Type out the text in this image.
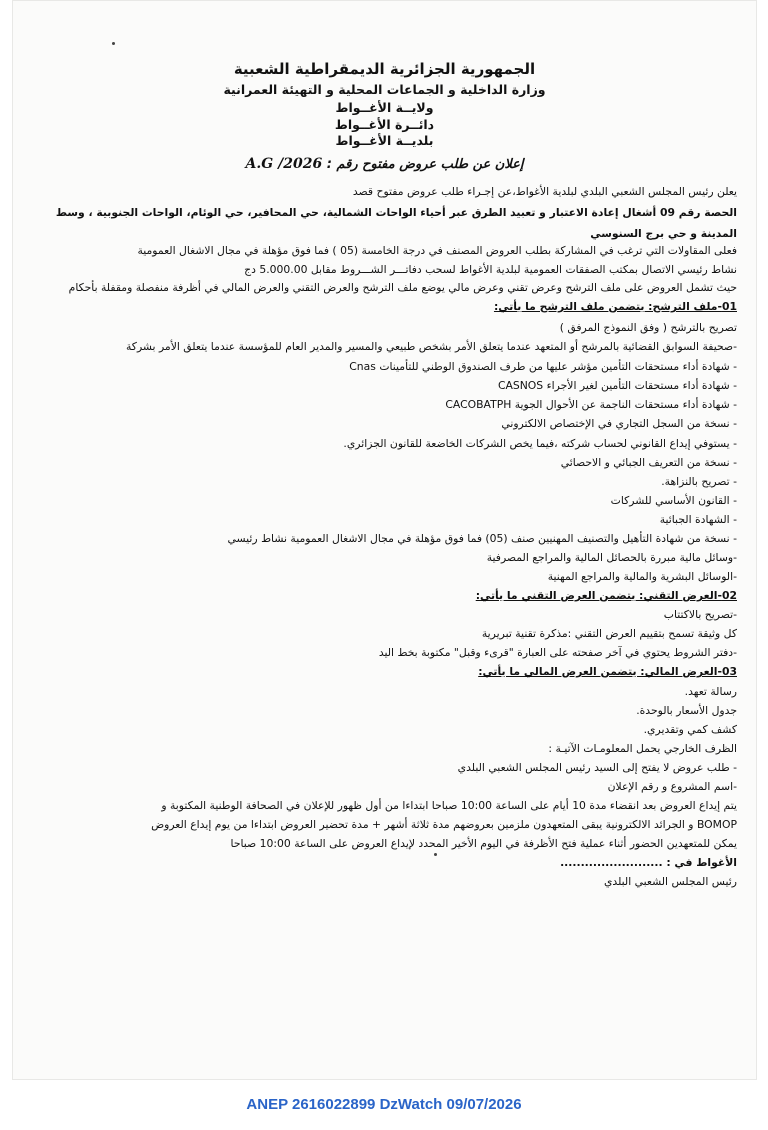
الجمهورية الجزائرية الديمقراطية الشعبية
وزارة الداخلية و الجماعات المحلية و التهيئة العمرانية
ولايــة الأغــواط
دائــرة الأغــواط
بلديــة الأغــواط
إعلان عن طلب عروض مفتوح رقم : 2026/ A.G
يعلن رئيس المجلس الشعبي البلدي لبلدية الأغواط،عن إجـراء طلب عروض مفتوح قصد
الحصة رقم 09 أشغال إعادة الاعتبار و تعبيد الطرق عبر أحياء الواحات الشمالية، حي المحافير، حي الوئام، الواحات الجنوبية ، وسط
المدينة و حي برج السنوسي
فعلى المقاولات التي ترغب في المشاركة بطلب العروض المصنف في درجة الخامسة (05 ) فما فوق مؤهلة في مجال الاشغال العمومية
نشاط رئيسي الاتصال بمكتب الصفقات العمومية لبلدية الأغواط لسحب دفاتـــر الشـــروط مقابل 5.000.00 دج
حيث تشمل العروض على ملف الترشح وعرض تقني وعرض مالي يوضع ملف الترشح والعرض التقني والعرض المالي في أظرفة منفصلة ومقفلة بأحكام
01-ملف الترشح: يتضمن ملف الترشح ما يأتي:
تصريح بالترشح ( وفق النموذج المرفق )
-صحيفة السوابق القضائية بالمرشح أو المتعهد عندما يتعلق الأمر بشخص طبيعي والمسير والمدير العام للمؤسسة عندما يتعلق الأمر بشركة
- شهادة أداء مستحقات التأمين مؤشر عليها من طرف الصندوق الوطني للتأمينات Cnas
- شهادة أداء مستحقات التأمين لغير الأجراء CASNOS
- شهادة أداء مستحقات الناجمة عن الأحوال الجوية CACOBATPH
- نسخة من السجل التجاري في الإختصاص الالكتروني
- يستوفي إيداع القانوني لحساب شركته ،فيما يخص الشركات الخاضعة للقانون الجزائري.
- نسخة من التعريف الجبائي و الاحصائي
- تصريح بالنزاهة.
- القانون الأساسي للشركات
- الشهادة الجبائية
- نسخة من شهادة التأهيل والتصنيف المهنيين صنف (05) فما فوق مؤهلة في مجال الاشغال العمومية نشاط رئيسي
-وسائل مالية مبررة بالحصائل المالية والمراجع المصرفية
-الوسائل البشرية والمالية والمراجع المهنية
02-العرض التقني: يتضمن العرض التقني ما يأتي:
-تصريح بالاكتتاب
كل وثيقة تسمح بتقييم العرض التقني :مذكرة تقنية تبريرية
-دفتر الشروط يحتوي في آخر صفحته على العبارة "قرىء وقبل" مكتوبة بخط اليد
03-العرض المالي: يتضمن العرض المالي ما يأتي:
رسالة تعهد.
جدول الأسعار بالوحدة.
كشف كمي وتقديري.
الظرف الخارجي يحمل المعلومـات الآتيـة :
- طلب عروض لا يفتح إلى السيد رئيس المجلس الشعبي البلدي
-اسم المشروع و رقم الإعلان
يتم إيداع العروض بعد انقضاء مدة 10 أيام على الساعة 10:00 صباحا ابتداءا من أول ظهور للإعلان في الصحافة الوطنية المكتوبة و
BOMOP و الجرائد الالكترونية يبقى المتعهدون ملزمين بعروضهم مدة ثلاثة أشهر + مدة تحضير العروض ابتداءا من يوم إيداع العروض
يمكن للمتعهدين الحضور أثناء عملية فتح الأظرفة في اليوم الأخير المحدد لإيداع العروض على الساعة 10:00 صباحا
الأغواط في : .........................
رئيس المجلس الشعبي البلدي
ANEP 2616022899 DzWatch 09/07/2026
